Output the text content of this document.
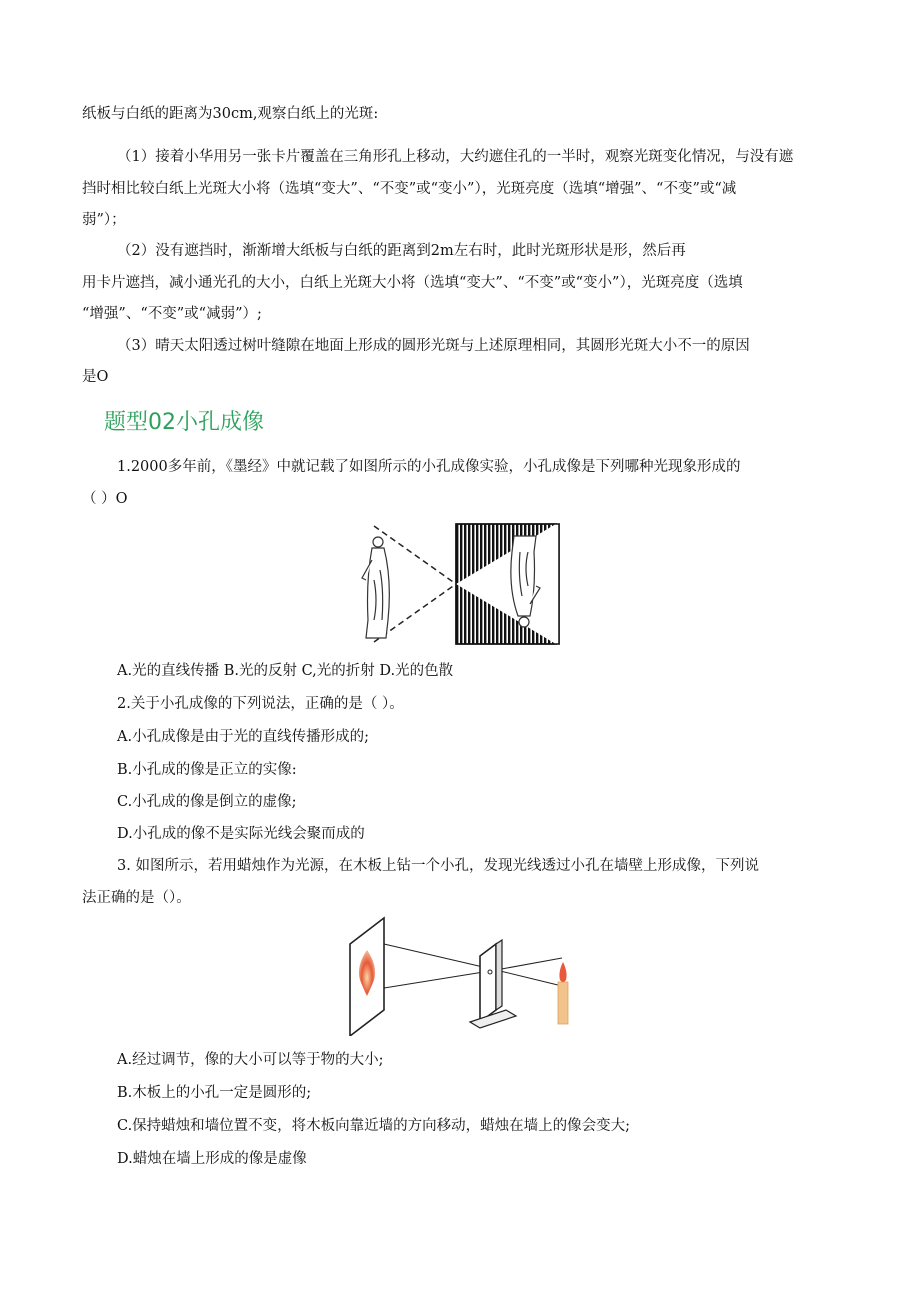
纸板与白纸的距离为30cm,观察白纸上的光斑:
（1）接着小华用另一张卡片覆盖在三角形孔上移动，大约遮住孔的一半时，观察光斑变化情况，与没有遮
挡时相比较白纸上光斑大小将（选填“变大”、“不变”或“变小”），光斑亮度（选填“增强”、“不变”或“减
弱”）；
（2）没有遮挡时，渐渐增大纸板与白纸的距离到2m左右时，此时光斑形状是形，然后再
用卡片遮挡，减小通光孔的大小，白纸上光斑大小将（选填“变大”、“不变”或“变小”），光斑亮度（选填
“增强”、“不变”或“减弱”）;
（3）晴天太阳透过树叶缝隙在地面上形成的圆形光斑与上述原理相同，其圆形光斑大小不一的原因
是O
题型02小孔成像
1.2000多年前，《墨经》中就记载了如图所示的小孔成像实验，小孔成像是下列哪种光现象形成的
（ ）O
A.光的直线传播 B.光的反射 C,光的折射 D.光的色散
2.关于小孔成像的下列说法，正确的是（ ）。
A.小孔成像是由于光的直线传播形成的;
B.小孔成的像是正立的实像:
C.小孔成的像是倒立的虚像;
D.小孔成的像不是实际光线会聚而成的
3. 如图所示，若用蜡烛作为光源，在木板上钻一个小孔，发现光线透过小孔在墙壁上形成像，下列说
法正确的是（）。
A.经过调节，像的大小可以等于物的大小;
B.木板上的小孔一定是圆形的;
C.保持蜡烛和墙位置不变，将木板向靠近墙的方向移动，蜡烛在墙上的像会变大;
D.蜡烛在墙上形成的像是虚像
